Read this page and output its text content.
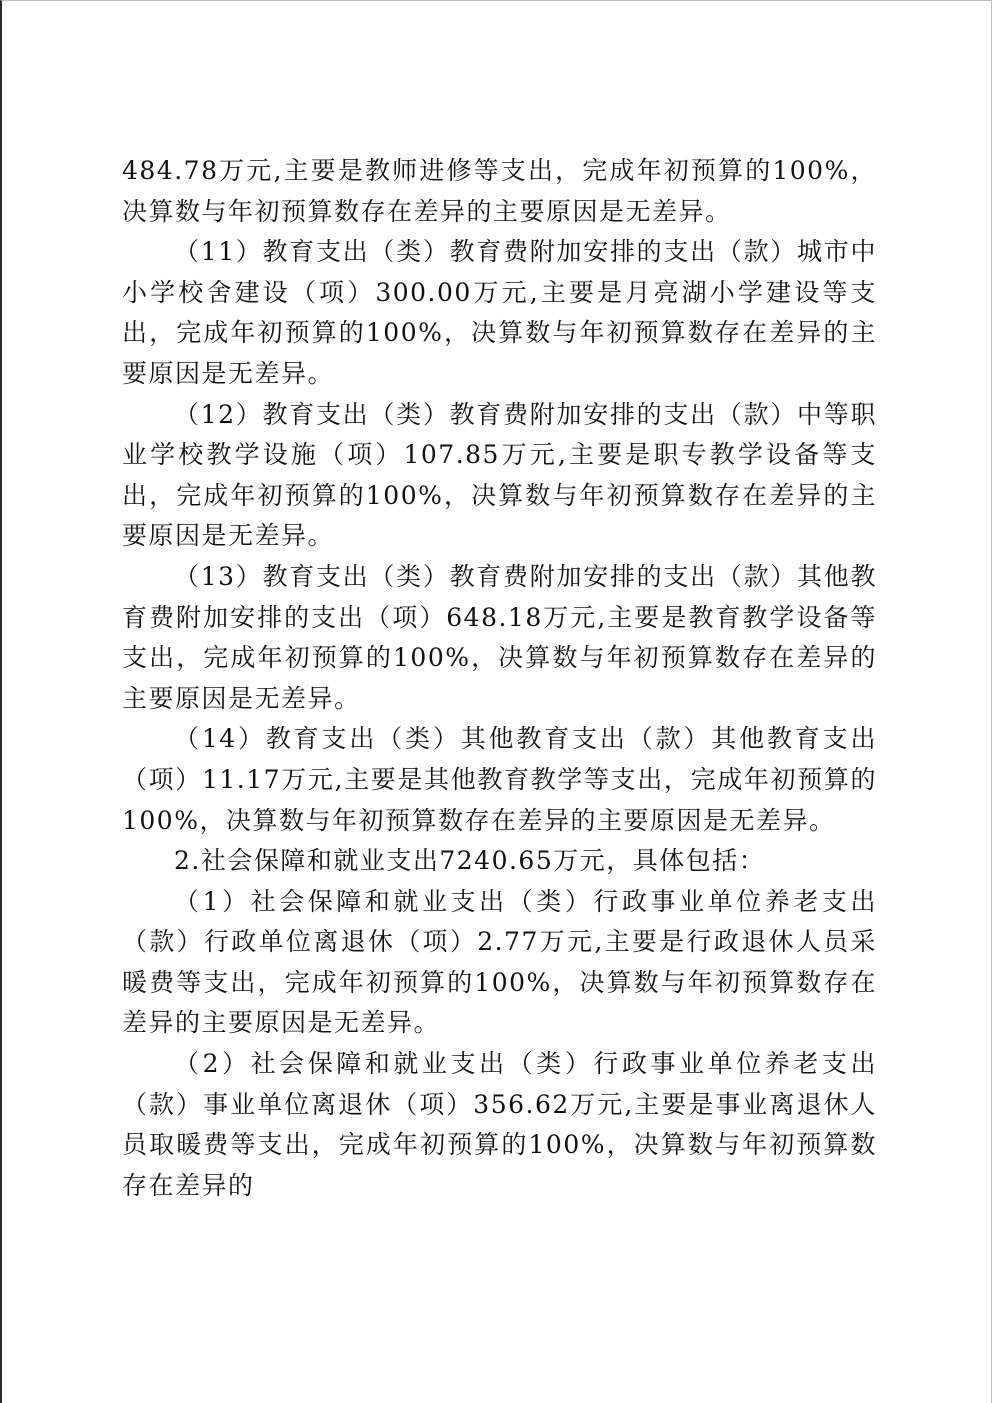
484.78万元,主要是教师进修等支出，完成年初预算的100%，决算数与年初预算数存在差异的主要原因是无差异。

（11）教育支出（类）教育费附加安排的支出（款）城市中小学校舍建设（项）300.00万元,主要是月亮湖小学建设等支出，完成年初预算的100%，决算数与年初预算数存在差异的主要原因是无差异。

（12）教育支出（类）教育费附加安排的支出（款）中等职业学校教学设施（项）107.85万元,主要是职专教学设备等支出，完成年初预算的100%，决算数与年初预算数存在差异的主要原因是无差异。

（13）教育支出（类）教育费附加安排的支出（款）其他教育费附加安排的支出（项）648.18万元,主要是教育教学设备等支出，完成年初预算的100%，决算数与年初预算数存在差异的主要原因是无差异。

（14）教育支出（类）其他教育支出（款）其他教育支出（项）11.17万元,主要是其他教育教学等支出，完成年初预算的100%，决算数与年初预算数存在差异的主要原因是无差异。

2.社会保障和就业支出7240.65万元，具体包括：

（1）社会保障和就业支出（类）行政事业单位养老支出（款）行政单位离退休（项）2.77万元,主要是行政退休人员采暖费等支出，完成年初预算的100%，决算数与年初预算数存在差异的主要原因是无差异。

（2）社会保障和就业支出（类）行政事业单位养老支出（款）事业单位离退休（项）356.62万元,主要是事业离退休人员取暖费等支出，完成年初预算的100%，决算数与年初预算数存在差异的
